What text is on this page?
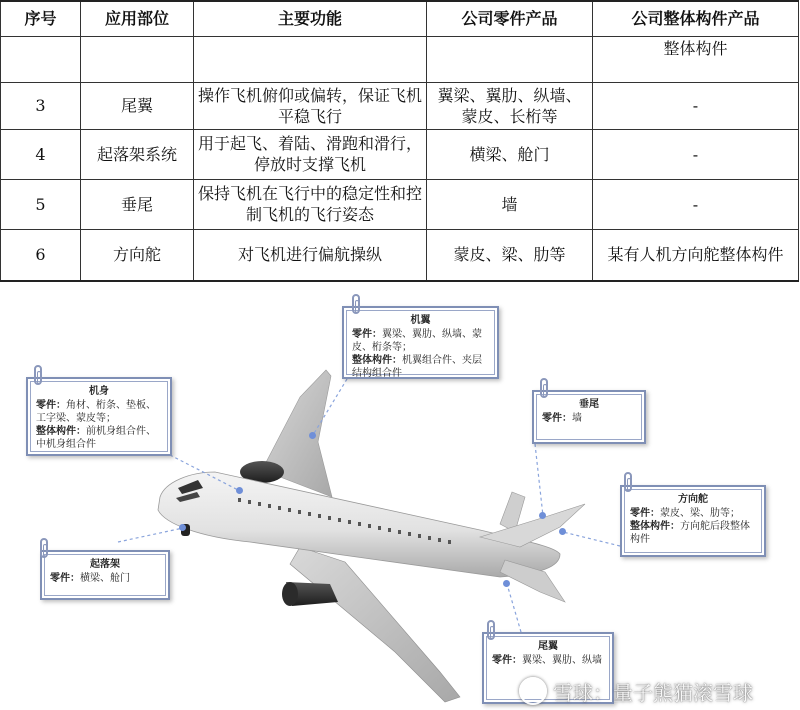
序号	应用部位	主要功能	公司零件产品	公司整体构件产品
				整体构件
3	尾翼	操作飞机俯仰或偏转，保证飞机平稳飞行	翼梁、翼肋、纵墙、蒙皮、长桁等	-
4	起落架系统	用于起飞、着陆、滑跑和滑行，停放时支撑飞机	横梁、舱门	-
5	垂尾	保持飞机在飞行中的稳定性和控制飞机的飞行姿态	墙	-
6	方向舵	对飞机进行偏航操纵	蒙皮、梁、肋等	某有人机方向舵整体构件
机翼
零件：翼梁、翼肋、纵墙、蒙皮、桁条等；
整体构件：机翼组合件、夹层结构组合件
机身
零件：角材、桁条、垫板、工字梁、蒙皮等；
整体构件：前机身组合件、中机身组合件
垂尾
零件：墙
方向舵
零件：蒙皮、梁、肋等；
整体构件：方向舵后段整体构件
起落架
零件：横梁、舱门
尾翼
零件：翼梁、翼肋、纵墙
雪球：量子熊猫滚雪球
